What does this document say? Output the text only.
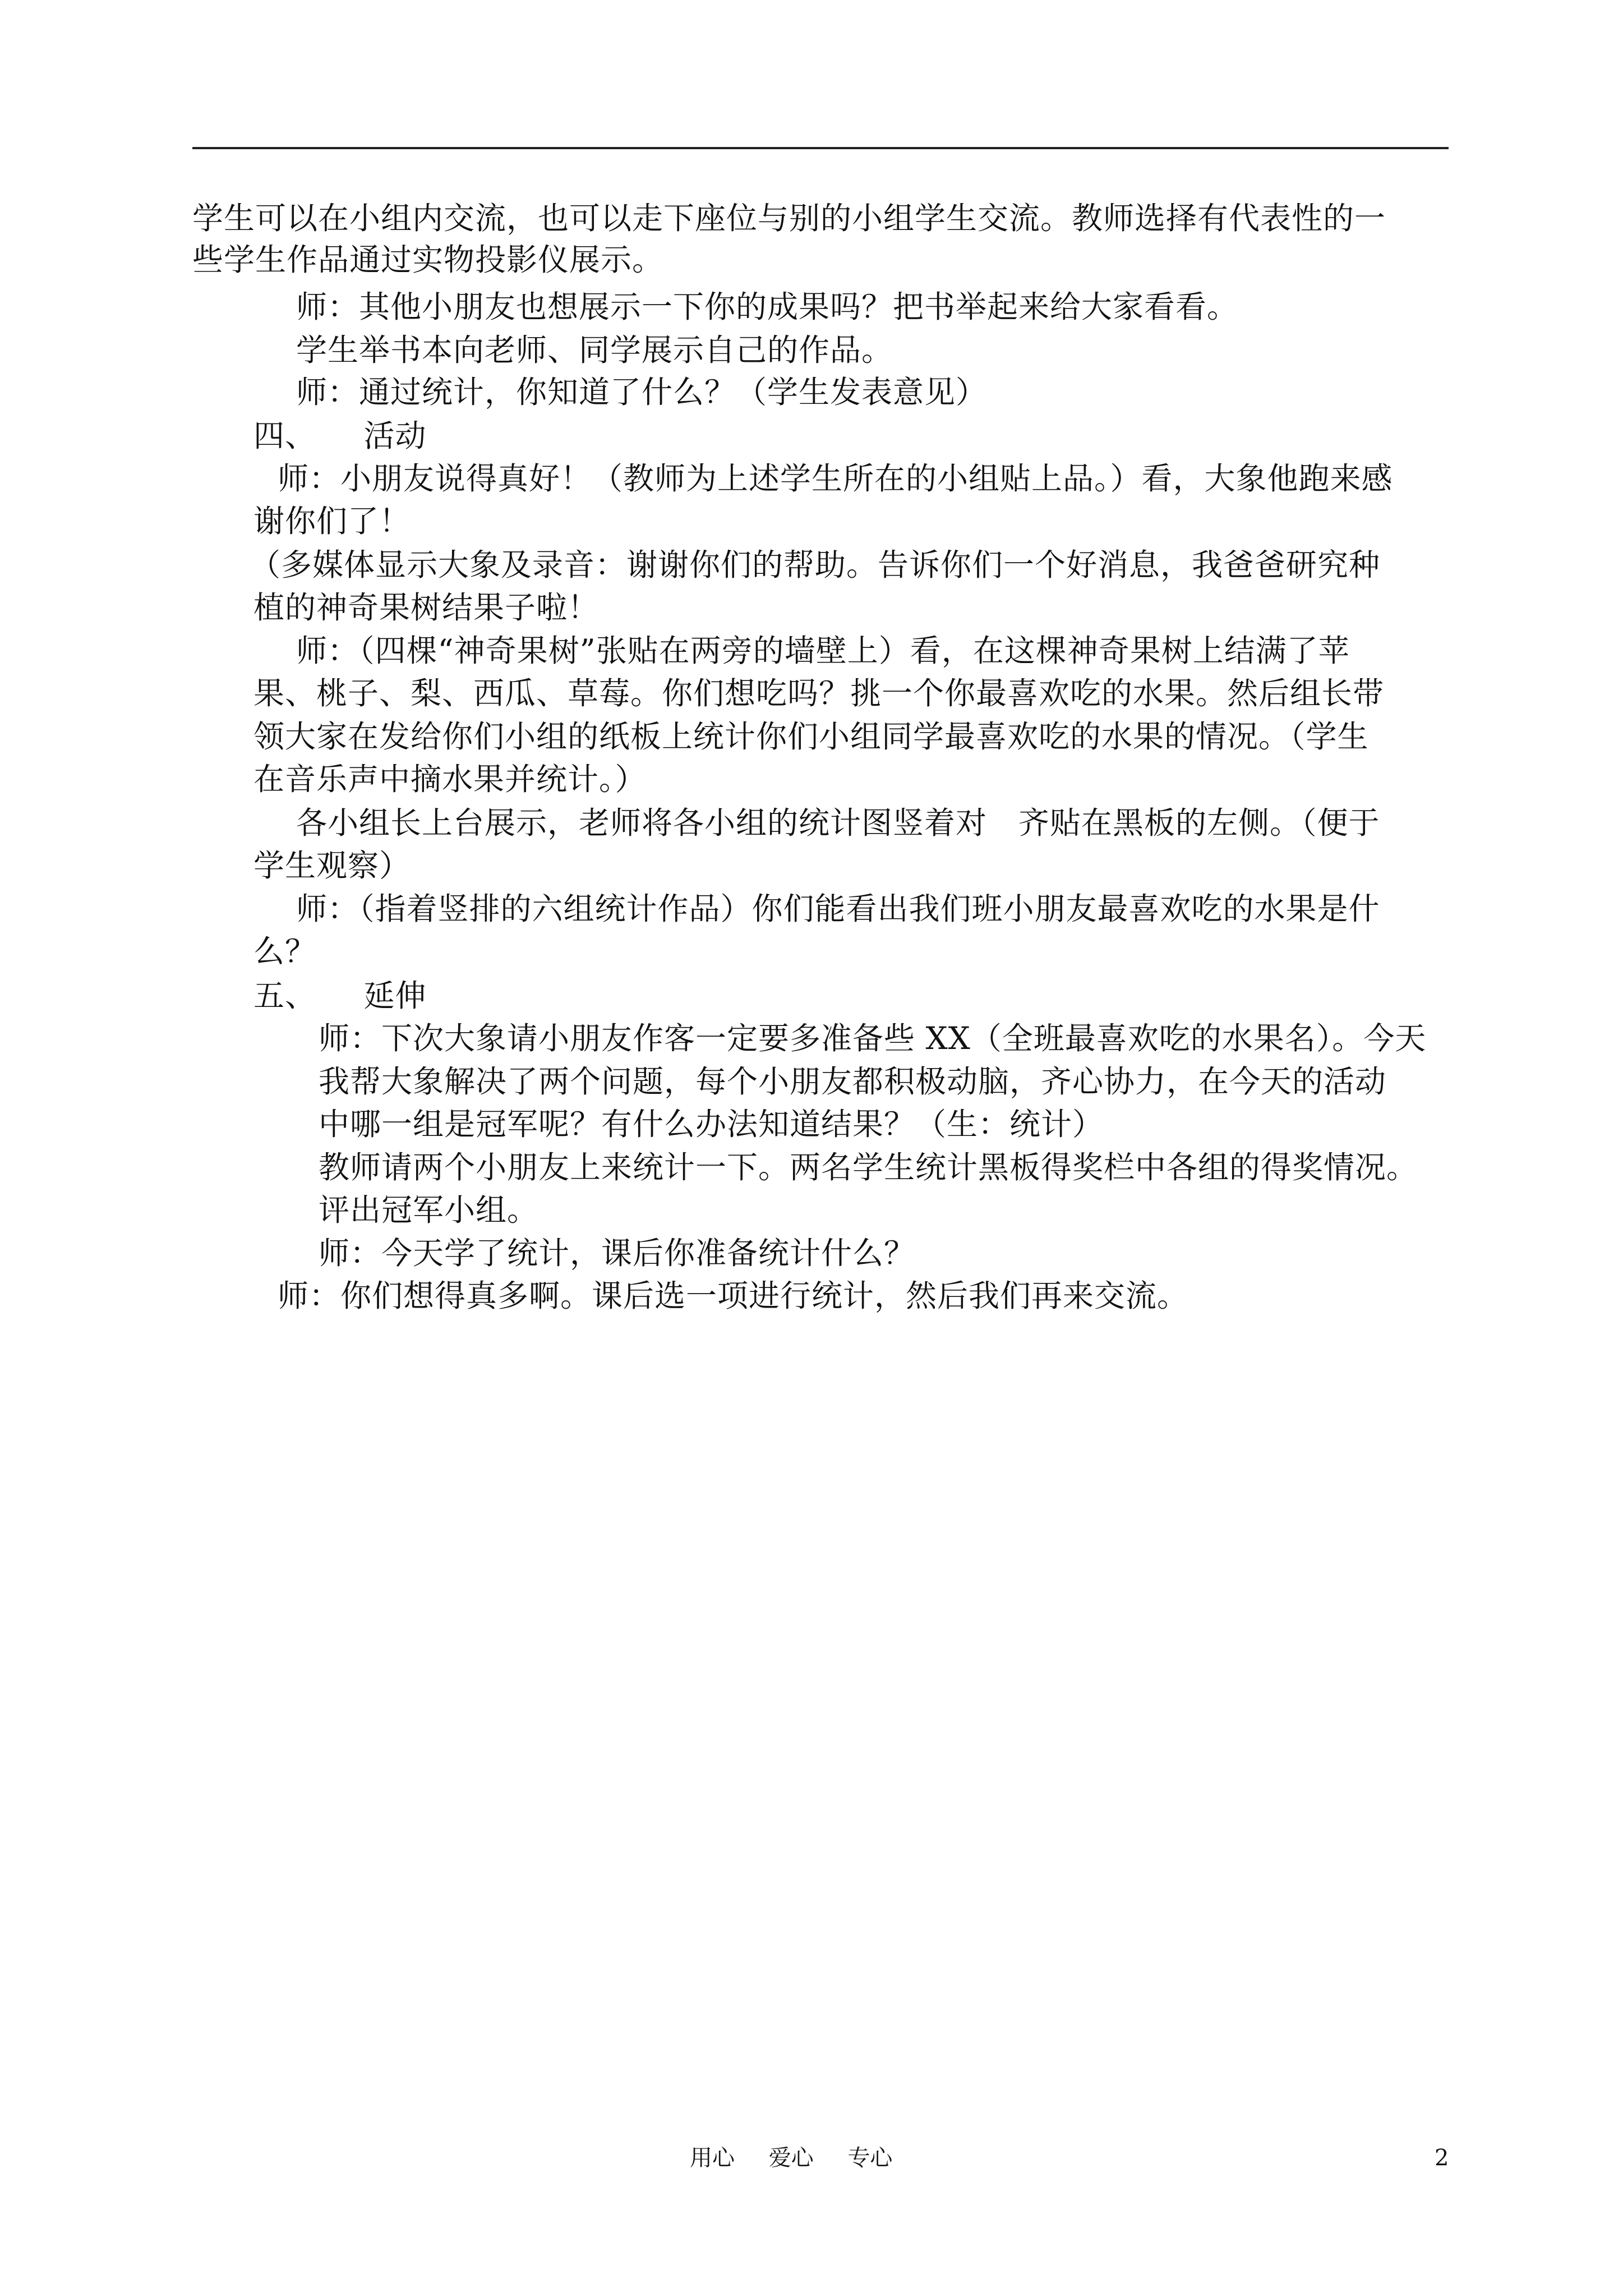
学生可以在小组内交流，也可以走下座位与别的小组学生交流。教师选择有代表性的一
些学生作品通过实物投影仪展示。
师：其他小朋友也想展示一下你的成果吗？把书举起来给大家看看。
学生举书本向老师、同学展示自己的作品。
师：通过统计，你知道了什么？（学生发表意见）
四、　　活动
师：小朋友说得真好！（教师为上述学生所在的小组贴上品。）看，大象他跑来感
谢你们了！
（多媒体显示大象及录音：谢谢你们的帮助。告诉你们一个好消息，我爸爸研究种
植的神奇果树结果子啦！
师：（四棵“神奇果树”张贴在两旁的墙壁上）看，在这棵神奇果树上结满了苹
果、桃子、梨、西瓜、草莓。你们想吃吗？挑一个你最喜欢吃的水果。然后组长带
领大家在发给你们小组的纸板上统计你们小组同学最喜欢吃的水果的情况。（学生
在音乐声中摘水果并统计。）
各小组长上台展示，老师将各小组的统计图竖着对　齐贴在黑板的左侧。（便于
学生观察）
师：（指着竖排的六组统计作品）你们能看出我们班小朋友最喜欢吃的水果是什
么？
五、　　延伸
师：下次大象请小朋友作客一定要多准备些 XX（全班最喜欢吃的水果名）。今天
我帮大象解决了两个问题，每个小朋友都积极动脑，齐心协力，在今天的活动
中哪一组是冠军呢？有什么办法知道结果？（生：统计）
教师请两个小朋友上来统计一下。两名学生统计黑板得奖栏中各组的得奖情况。
评出冠军小组。
师：今天学了统计，课后你准备统计什么？
师：你们想得真多啊。课后选一项进行统计，然后我们再来交流。
用心 爱心 专心	2
